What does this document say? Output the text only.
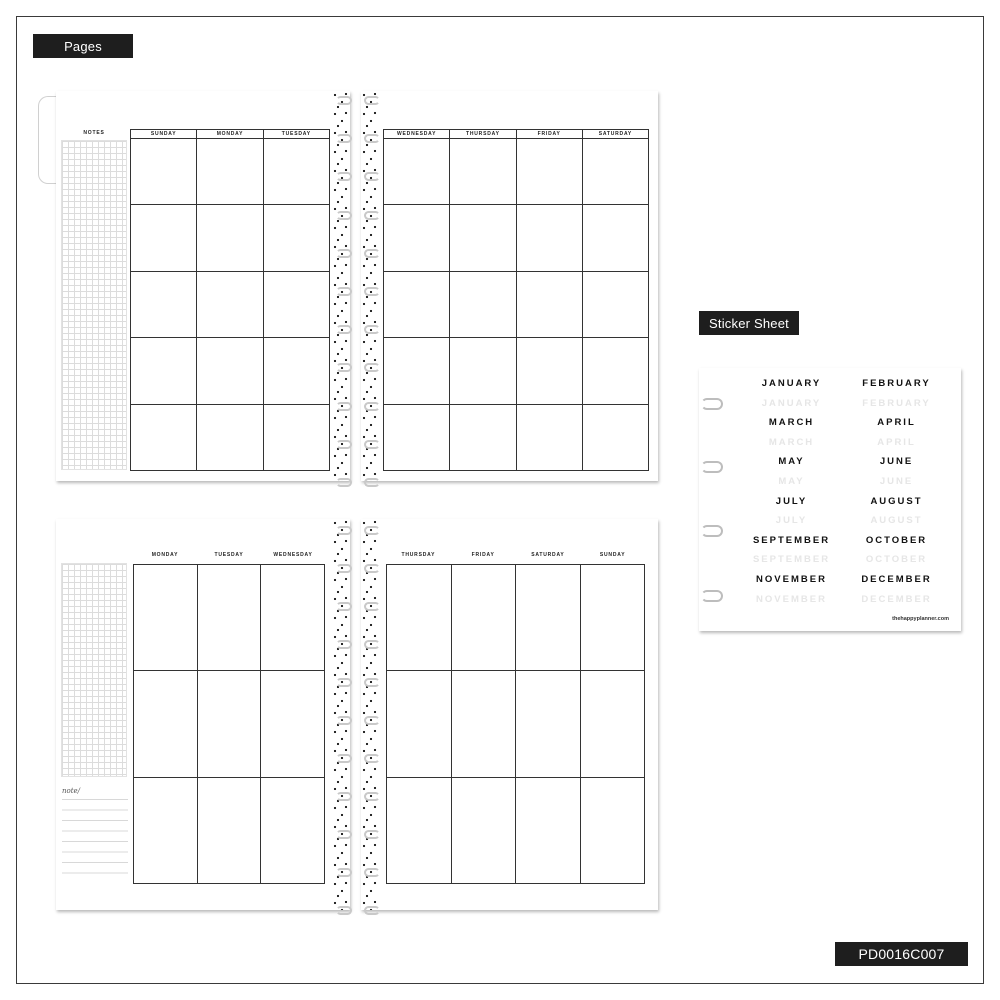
Pages
Sticker Sheet
PD0016C007
NOTES	SUNDAY	MONDAY	TUESDAY	WEDNESDAY	THURSDAY	FRIDAY	SATURDAY
note/
MONDAY	TUESDAY	WEDNESDAY	THURSDAY	FRIDAY	SATURDAY	SUNDAY
JANUARY	FEBRUARY
JANUARY	FEBRUARY
MARCH	APRIL
MARCH	APRIL
MAY	JUNE
MAY	JUNE
JULY	AUGUST
JULY	AUGUST
SEPTEMBER	OCTOBER
SEPTEMBER	OCTOBER
NOVEMBER	DECEMBER
NOVEMBER	DECEMBER
thehappyplanner.com
